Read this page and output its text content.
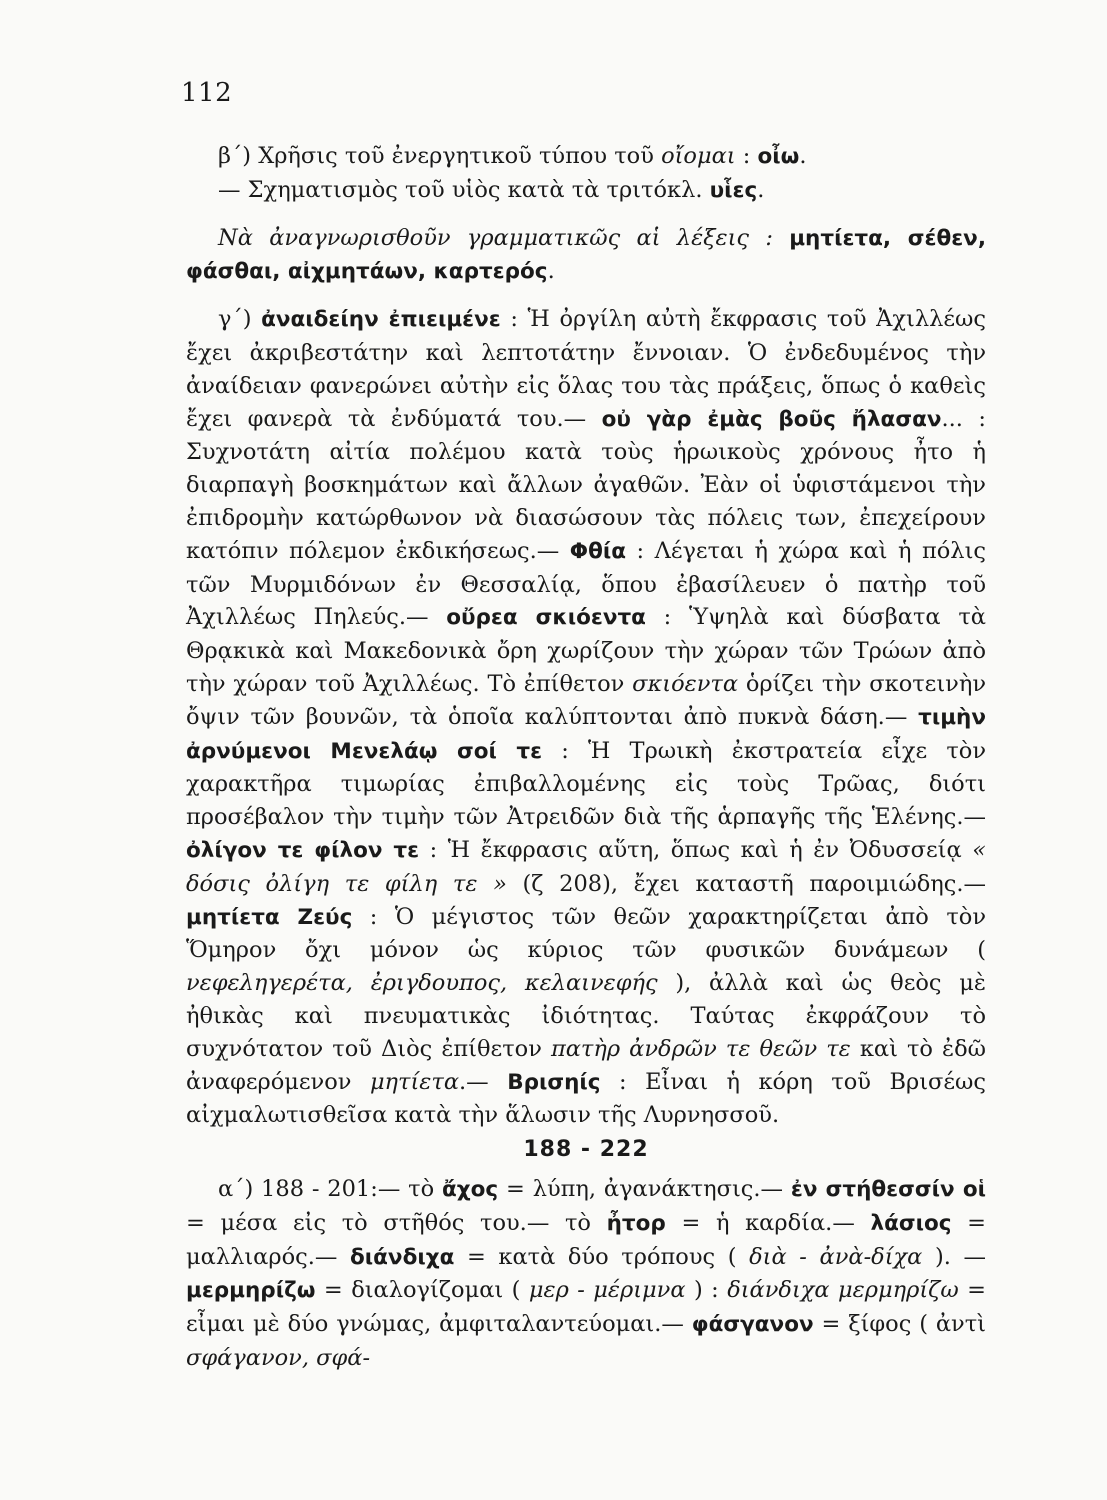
112

β΄) Χρῆσις τοῦ ἐνεργητικοῦ τύπου τοῦ οἴομαι : οἶω.

— Σχηματισμὸς τοῦ υἱὸς κατὰ τὰ τριτόκλ. υἷες.

Νὰ ἀναγνωρισθοῦν γραμματικῶς αἱ λέξεις : μητίετα, σέθεν, φάσθαι, αἰχμητάων, καρτερός.

γ΄) ἀναιδείην ἐπιειμένε : Ἡ ὀργίλη αὐτὴ ἔκφρασις τοῦ Ἀχιλλέως ἔχει ἀκριβεστάτην καὶ λεπτοτάτην ἔννοιαν. Ὁ ἐνδεδυμένος τὴν ἀναίδειαν φανερώνει αὐτὴν εἰς ὅλας του τὰς πράξεις, ὅπως ὁ καθεὶς ἔχει φανερὰ τὰ ἐνδύματά του.— οὐ γὰρ ἐμὰς βοῦς ἤλασαν... : Συχνοτάτη αἰτία πολέμου κατὰ τοὺς ἡρωικοὺς χρόνους ἦτο ἡ διαρπαγὴ βοσκημάτων καὶ ἄλλων ἀγαθῶν. Ἐὰν οἱ ὑφιστάμενοι τὴν ἐπιδρομὴν κατώρθωνον νὰ διασώσουν τὰς πόλεις των, ἐπεχείρουν κατόπιν πόλεμον ἐκδικήσεως.— Φθία : Λέγεται ἡ χώρα καὶ ἡ πόλις τῶν Μυρμιδόνων ἐν Θεσσαλίᾳ, ὅπου ἐβασίλευεν ὁ πατὴρ τοῦ Ἀχιλλέως Πηλεύς.— οὔρεα σκιόεντα : Ὑψηλὰ καὶ δύσβατα τὰ Θρᾳκικὰ καὶ Μακεδονικὰ ὄρη χωρίζουν τὴν χώραν τῶν Τρώων ἀπὸ τὴν χώραν τοῦ Ἀχιλλέως. Τὸ ἐπίθετον σκιόεντα ὁρίζει τὴν σκοτεινὴν ὄψιν τῶν βουνῶν, τὰ ὁποῖα καλύπτονται ἀπὸ πυκνὰ δάση.— τιμὴν ἀρνύμενοι Μενελάῳ σοί τε : Ἡ Τρωικὴ ἐκστρατεία εἶχε τὸν χαρακτῆρα τιμωρίας ἐπιβαλλομένης εἰς τοὺς Τρῶας, διότι προσέβαλον τὴν τιμὴν τῶν Ἀτρειδῶν διὰ τῆς ἁρπαγῆς τῆς Ἑλένης.— ὀλίγον τε φίλον τε : Ἡ ἔκφρασις αὕτη, ὅπως καὶ ἡ ἐν Ὀδυσσείᾳ « δόσις ὀλίγη τε φίλη τε » (ζ 208), ἔχει καταστῆ παροιμιώδης.— μητίετα Ζεύς : Ὁ μέγιστος τῶν θεῶν χαρακτηρίζεται ἀπὸ τὸν Ὅμηρον ὄχι μόνον ὡς κύριος τῶν φυσικῶν δυνάμεων ( νεφεληγερέτα, ἐριγδουπος, κελαινεφής ), ἀλλὰ καὶ ὡς θεὸς μὲ ἠθικὰς καὶ πνευματικὰς ἰδιότητας. Ταύτας ἐκφράζουν τὸ συχνότατον τοῦ Διὸς ἐπίθετον πατὴρ ἀνδρῶν τε θεῶν τε καὶ τὸ ἐδῶ ἀναφερόμενον μητίετα.— Βρισηίς : Εἶναι ἡ κόρη τοῦ Βρισέως αἰχμαλωτισθεῖσα κατὰ τὴν ἅλωσιν τῆς Λυρνησσοῦ.

188 - 222

α΄) 188 - 201:— τὸ ἄχος = λύπη, ἀγανάκτησις.— ἐν στήθεσσίν οἱ = μέσα εἰς τὸ στῆθός του.— τὸ ἦτορ = ἡ καρδία.— λάσιος = μαλλιαρός.— διάνδιχα = κατὰ δύο τρόπους ( διὰ - ἀνὰ-δίχα ). — μερμηρίζω = διαλογίζομαι ( μερ - μέριμνα ) : διάνδιχα μερμηρίζω = εἶμαι μὲ δύο γνώμας, ἀμφιταλαντεύομαι.— φάσγανον = ξίφος ( ἀντὶ σφάγανον, σφά-
